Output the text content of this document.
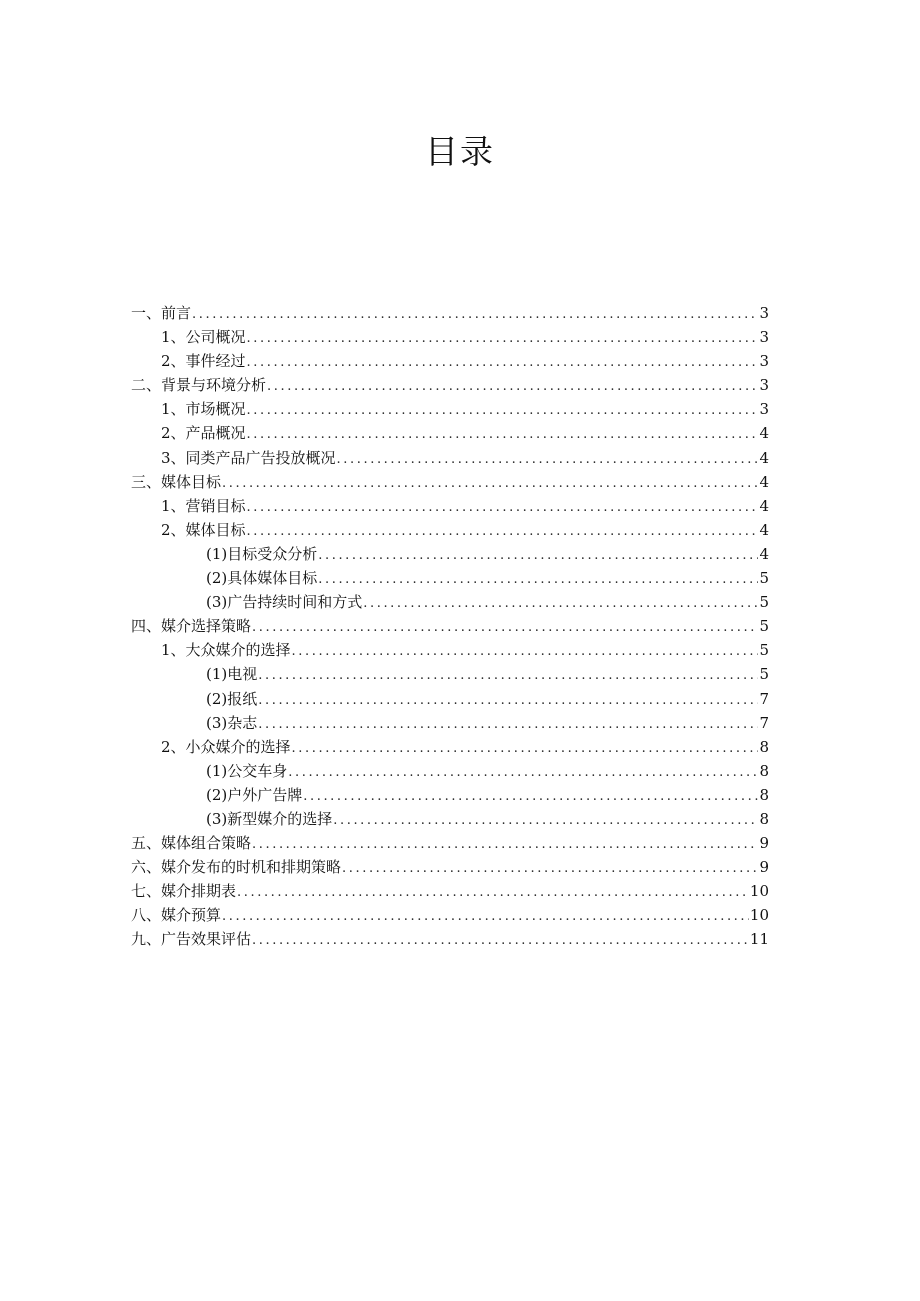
目录
一、前言 .....	3
1、公司概况 .....	3
2、事件经过 .....	3
二、背景与环境分析 .....	3
1、市场概况 .....	3
2、产品概况 .....	4
3、同类产品广告投放概况 .....	4
三、媒体目标 .....	4
1、营销目标 .....	4
2、媒体目标 .....	4
(1)目标受众分析 .....	4
(2)具体媒体目标 .....	5
(3)广告持续时间和方式 .....	5
四、媒介选择策略 .....	5
1、大众媒介的选择 .....	5
(1)电视 .....	5
(2)报纸 .....	7
(3)杂志 .....	7
2、小众媒介的选择 .....	8
(1)公交车身 .....	8
(2)户外广告牌 .....	8
(3)新型媒介的选择 .....	8
五、媒体组合策略 .....	9
六、媒介发布的时机和排期策略 .....	9
七、媒介排期表 .....	10
八、媒介预算 .....	10
九、广告效果评估 .....	11
